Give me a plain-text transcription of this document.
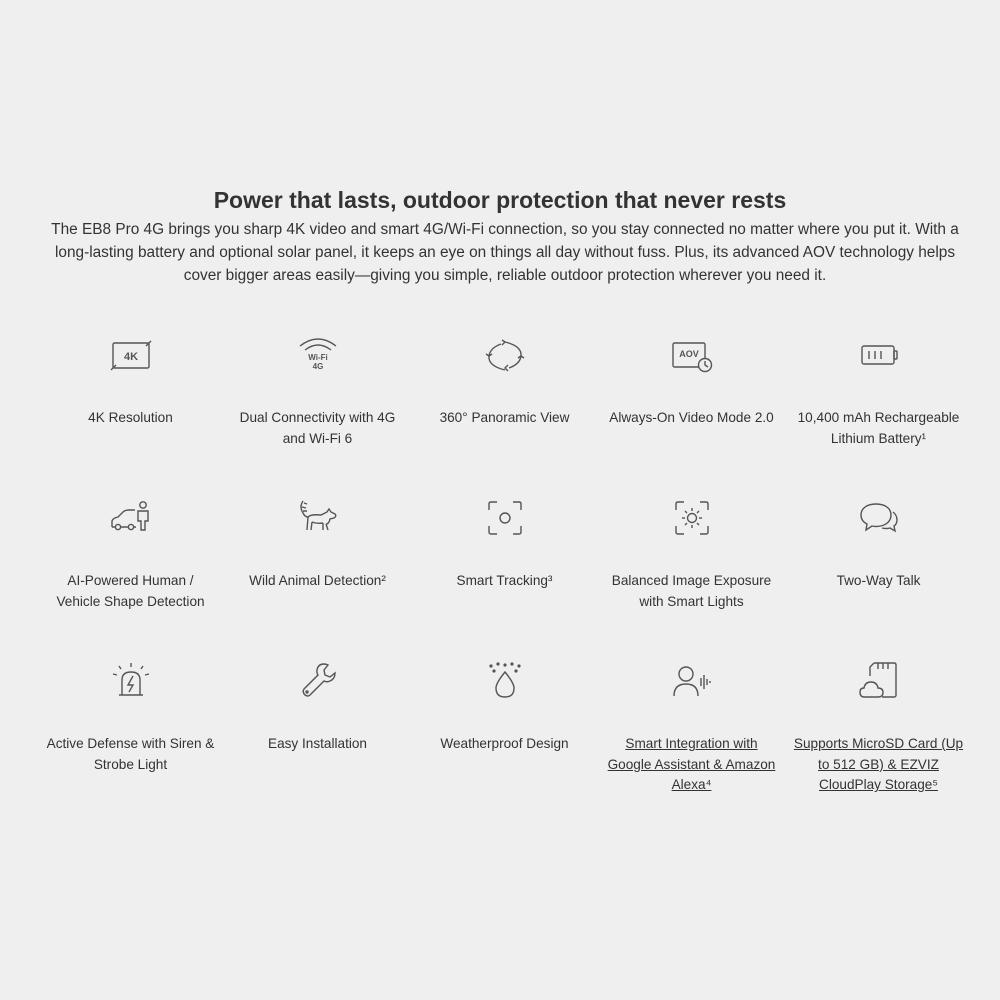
Power that lasts, outdoor protection that never rests

The EB8 Pro 4G brings you sharp 4K video and smart 4G/Wi-Fi connection, so you stay connected no matter where you put it. With a long-lasting battery and optional solar panel, it keeps an eye on things all day without fuss. Plus, its advanced AOV technology helps cover bigger areas easily—giving you simple, reliable outdoor protection wherever you need it.

4K
4K Resolution
Wi-Fi
4G
Dual Connectivity with 4G and Wi-Fi 6
360° Panoramic View
AOV
Always-On Video Mode 2.0	10,400 mAh Rechargeable Lithium Battery¹
AI-Powered Human / Vehicle Shape Detection
Wild Animal Detection²	Smart Tracking³	Balanced Image Exposure with Smart Lights
Two-Way Talk
Active Defense with Siren & Strobe Light
Easy Installation	Weatherproof Design	Smart Integration with Google Assistant & Amazon Alexa⁴
Supports MicroSD Card (Up to 512 GB) & EZVIZ CloudPlay Storage⁵
